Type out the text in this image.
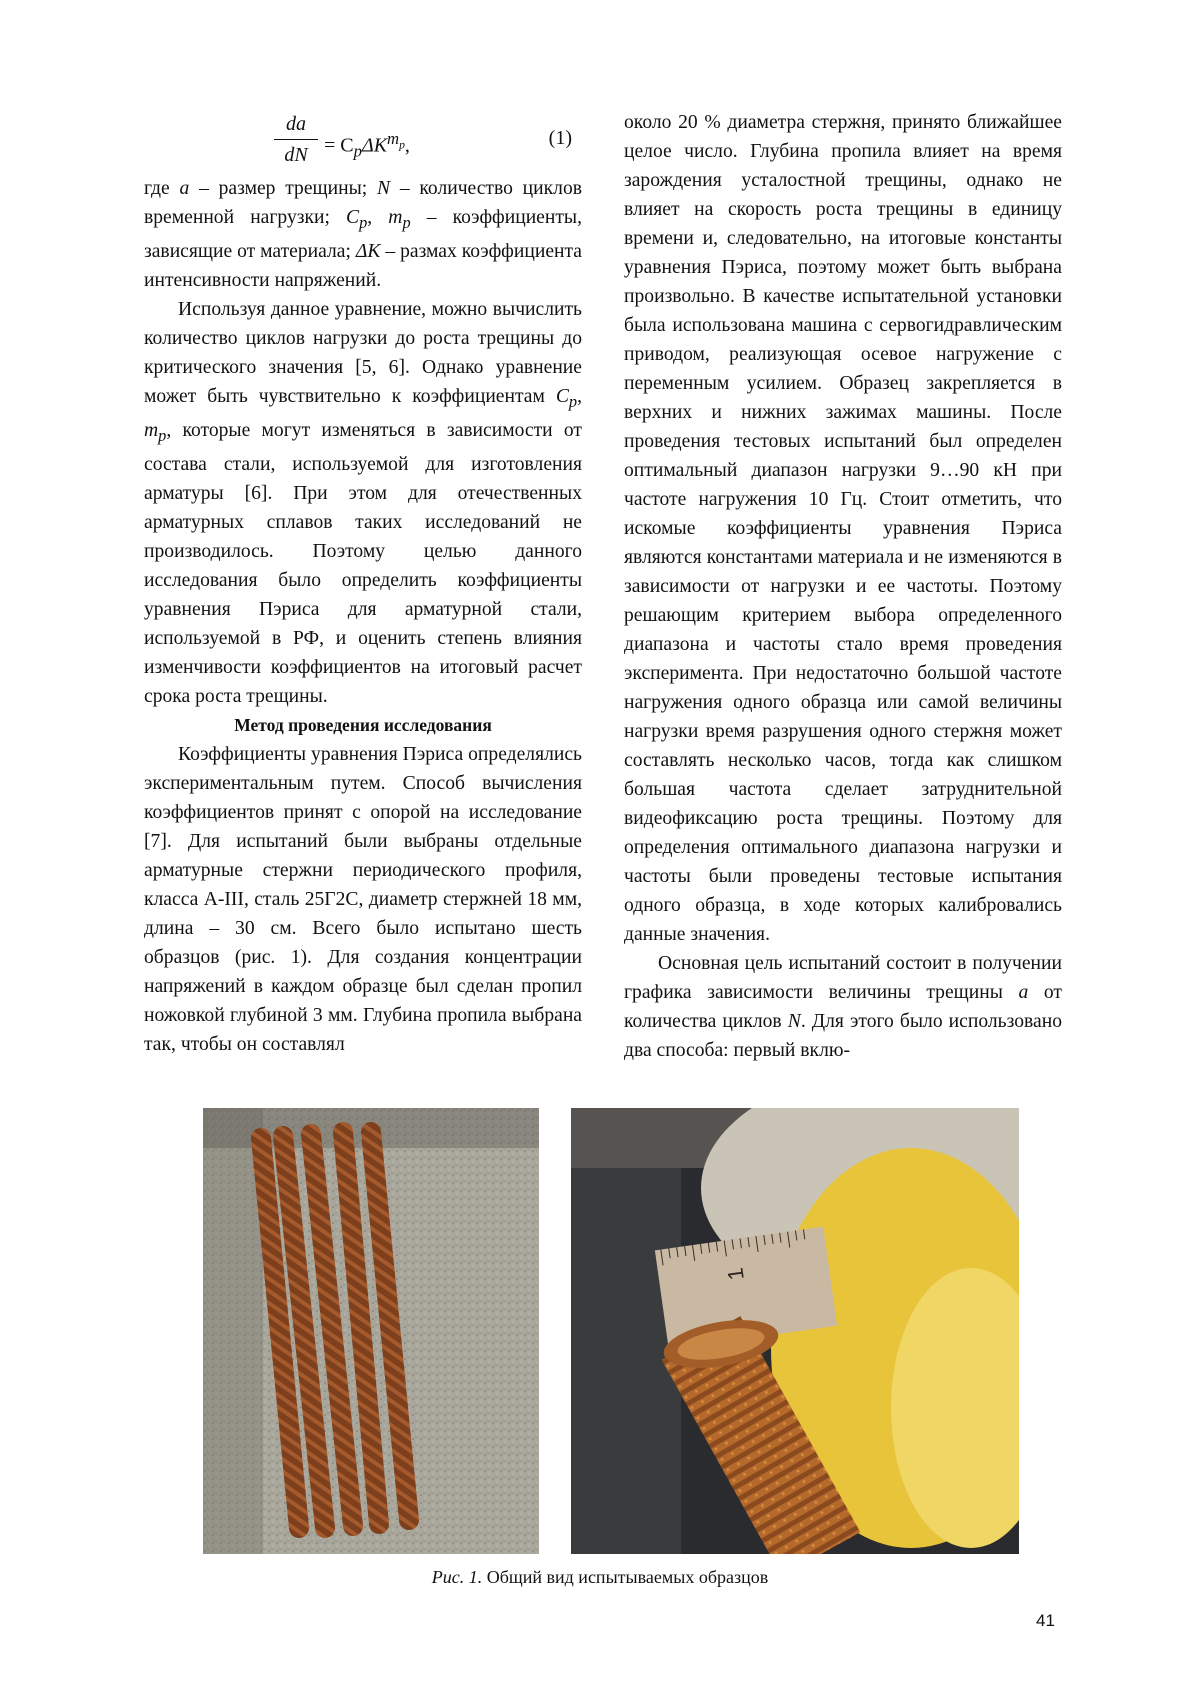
da
dN = CpΔKmp,	(1)

где a – размер трещины; N – количество циклов временной нагрузки; Cp, mp – коэффициенты, зависящие от материала; ΔK – размах коэффициента интенсивности напряжений.

Используя данное уравнение, можно вычислить количество циклов нагрузки до роста трещины до критического значения [5, 6]. Однако уравнение может быть чувствительно к коэффициентам Cp, mp, которые могут изменяться в зависимости от состава стали, используемой для изготовления арматуры [6]. При этом для отечественных арматурных сплавов таких исследований не производилось. Поэтому целью данного исследования было определить коэффициенты уравнения Пэриса для арматурной стали, используемой в РФ, и оценить степень влияния изменчивости коэффициентов на итоговый расчет срока роста трещины.

Метод проведения исследования

Коэффициенты уравнения Пэриса определялись экспериментальным путем. Способ вычисления коэффициентов принят с опорой на исследование [7]. Для испытаний были выбраны отдельные арматурные стержни периодического профиля, класса А-III, сталь 25Г2С, диаметр стержней 18 мм, длина – 30 см. Всего было испытано шесть образцов (рис. 1). Для создания концентрации напряжений в каждом образце был сделан пропил ножовкой глубиной 3 мм. Глубина пропила выбрана так, чтобы он составлял

около 20 % диаметра стержня, принято ближайшее целое число. Глубина пропила влияет на время зарождения усталостной трещины, однако не влияет на скорость роста трещины в единицу времени и, следовательно, на итоговые константы уравнения Пэриса, поэтому может быть выбрана произвольно. В качестве испытательной установки была использована машина с сервогидравлическим приводом, реализующая осевое нагружение с переменным усилием. Образец закрепляется в верхних и нижних зажимах машины. После проведения тестовых испытаний был определен оптимальный диапазон нагрузки 9…90 кН при частоте нагружения 10 Гц. Стоит отметить, что искомые коэффициенты уравнения Пэриса являются константами материала и не изменяются в зависимости от нагрузки и ее частоты. Поэтому решающим критерием выбора определенного диапазона и частоты стало время проведения эксперимента. При недостаточно большой частоте нагружения одного образца или самой величины нагрузки время разрушения одного стержня может составлять несколько часов, тогда как слишком большая частота сделает затруднительной видеофиксацию роста трещины. Поэтому для определения оптимального диапазона нагрузки и частоты были проведены тестовые испытания одного образца, в ходе которых калибровались данные значения.

Основная цель испытаний состоит в получении графика зависимости величины трещины a от количества циклов N. Для этого было использовано два способа: первый вклю-

1
Рис. 1. Общий вид испытываемых образцов
41
